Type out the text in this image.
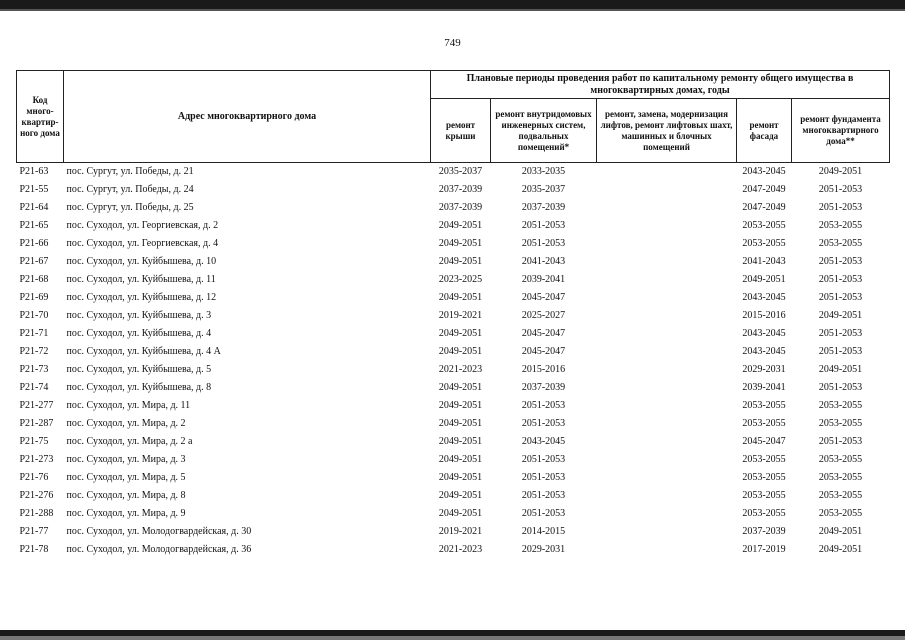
749
Код много-квартир-ного дома	Адрес многоквартирного дома	Плановые периоды проведения работ по капитальному ремонту общего имущества в многоквартирных домах, годы				
		ремонт крыши	ремонт внутридомовых инженерных систем, подвальных помещений*	ремонт, замена, модернизация лифтов, ремонт лифтовых шахт, машинных и блочных помещений	ремонт фасада	ремонт фундамента многоквартирного дома**
Р21-63	пос. Сургут, ул. Победы, д. 21	2035-2037	2033-2035		2043-2045	2049-2051
Р21-55	пос. Сургут, ул. Победы, д. 24	2037-2039	2035-2037		2047-2049	2051-2053
Р21-64	пос. Сургут, ул. Победы, д. 25	2037-2039	2037-2039		2047-2049	2051-2053
Р21-65	пос. Суходол, ул. Георгиевская, д. 2	2049-2051	2051-2053		2053-2055	2053-2055
Р21-66	пос. Суходол, ул. Георгиевская, д. 4	2049-2051	2051-2053		2053-2055	2053-2055
Р21-67	пос. Суходол, ул. Куйбышева, д. 10	2049-2051	2041-2043		2041-2043	2051-2053
Р21-68	пос. Суходол, ул. Куйбышева, д. 11	2023-2025	2039-2041		2049-2051	2051-2053
Р21-69	пос. Суходол, ул. Куйбышева, д. 12	2049-2051	2045-2047		2043-2045	2051-2053
Р21-70	пос. Суходол, ул. Куйбышева, д. 3	2019-2021	2025-2027		2015-2016	2049-2051
Р21-71	пос. Суходол, ул. Куйбышева, д. 4	2049-2051	2045-2047		2043-2045	2051-2053
Р21-72	пос. Суходол, ул. Куйбышева, д. 4 А	2049-2051	2045-2047		2043-2045	2051-2053
Р21-73	пос. Суходол, ул. Куйбышева, д. 5	2021-2023	2015-2016		2029-2031	2049-2051
Р21-74	пос. Суходол, ул. Куйбышева, д. 8	2049-2051	2037-2039		2039-2041	2051-2053
Р21-277	пос. Суходол, ул. Мира, д. 11	2049-2051	2051-2053		2053-2055	2053-2055
Р21-287	пос. Суходол, ул. Мира, д. 2	2049-2051	2051-2053		2053-2055	2053-2055
Р21-75	пос. Суходол, ул. Мира, д. 2 а	2049-2051	2043-2045		2045-2047	2051-2053
Р21-273	пос. Суходол, ул. Мира, д. 3	2049-2051	2051-2053		2053-2055	2053-2055
Р21-76	пос. Суходол, ул. Мира, д. 5	2049-2051	2051-2053		2053-2055	2053-2055
Р21-276	пос. Суходол, ул. Мира, д. 8	2049-2051	2051-2053		2053-2055	2053-2055
Р21-288	пос. Суходол, ул. Мира, д. 9	2049-2051	2051-2053		2053-2055	2053-2055
Р21-77	пос. Суходол, ул. Молодогвардейская, д. 30	2019-2021	2014-2015		2037-2039	2049-2051
Р21-78	пос. Суходол, ул. Молодогвардейская, д. 36	2021-2023	2029-2031		2017-2019	2049-2051
